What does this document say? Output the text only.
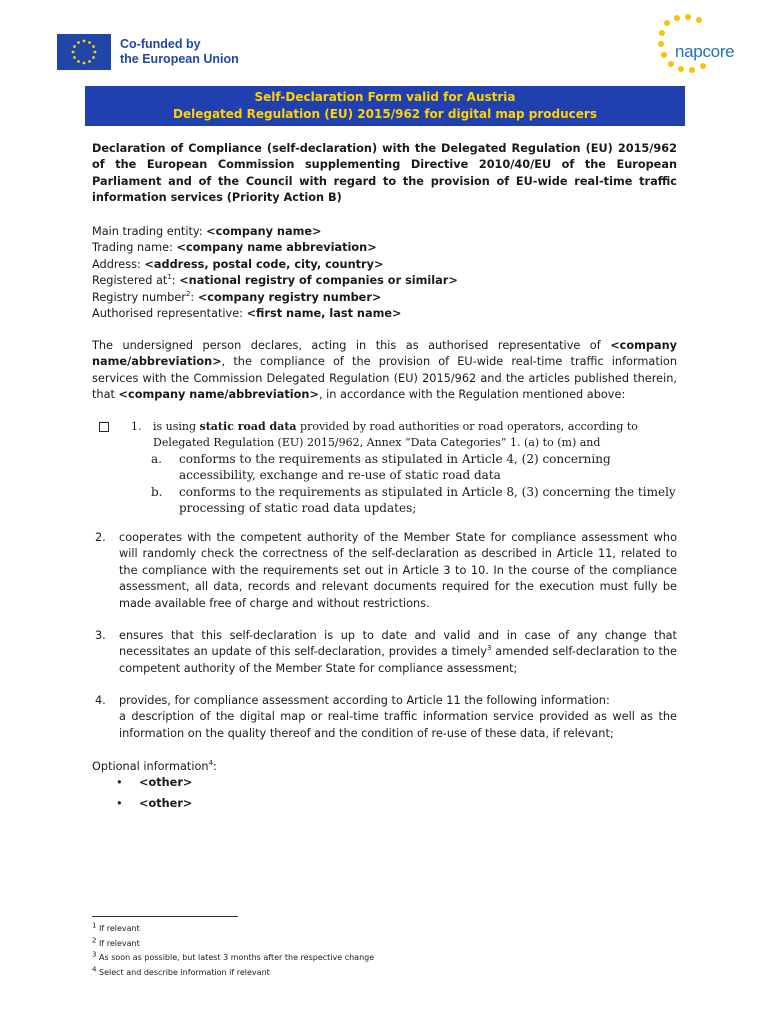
Co-funded by
the European Union	napcore
Self-Declaration Form valid for Austria
Delegated Regulation (EU) 2015/962 for digital map producers
Declaration of Compliance (self-declaration) with the Delegated Regulation (EU) 2015/962 of the European Commission supplementing Directive 2010/40/EU of the European Parliament and of the Council with regard to the provision of EU-wide real-time traffic information services (Priority Action B)
Main trading entity: <company name>
Trading name: <company name abbreviation>
Address: <address, postal code, city, country>
Registered $at^1$: <national registry of companies or similar>
Registry number$^2$: <company registry number>
Authorised representative: <first name, last name>
The undersigned person declares, acting in this as authorised representative of <company name/abbreviation>, the compliance of the provision of EU-wide real-time traffic information services with the Commission Delegated Regulation (EU) 2015/962 and the articles published therein, that <company name/abbreviation>, in accordance with the Regulation mentioned above:
1.	is using static road data provided by road authorities or road operators, according to
Delegated Regulation (EU) 2015/962, Annex “Data Categories” 1. (a) to (m) and
a.	conforms to the requirements as stipulated in Article 4, (2) concerning
accessibility, exchange and re-use of static road data
b.	conforms to the requirements as stipulated in Article 8, (3) concerning the timely
processing of static road data updates;
2.	cooperates with the competent authority of the Member State for compliance assessment who will randomly check the correctness of the self-declaration as described in Article 11, related to the compliance with the requirements set out in Article 3 to 10. In the course of the compliance assessment, all data, records and relevant documents required for the execution must fully be made available free of charge and without restrictions.
3.	ensures that this self-declaration is up to date and valid and in case of any change that necessitates an update of this self-declaration, provides a timely$^3$ amended self-declaration to the competent authority of the Member State for compliance assessment;
4.	provides, for compliance assessment according to Article 11 the following information:
a description of the digital map or real-time traffic information service provided as well as the information on the quality thereof and the condition of re-use of these data, if relevant;
Optional information$^4$:
•	<other>
•	<other>
$^1$ If relevant
$^2$ If relevant
$^3$ As soon as possible, but latest 3 months after the respective change
$^4$ Select and describe information if relevant
